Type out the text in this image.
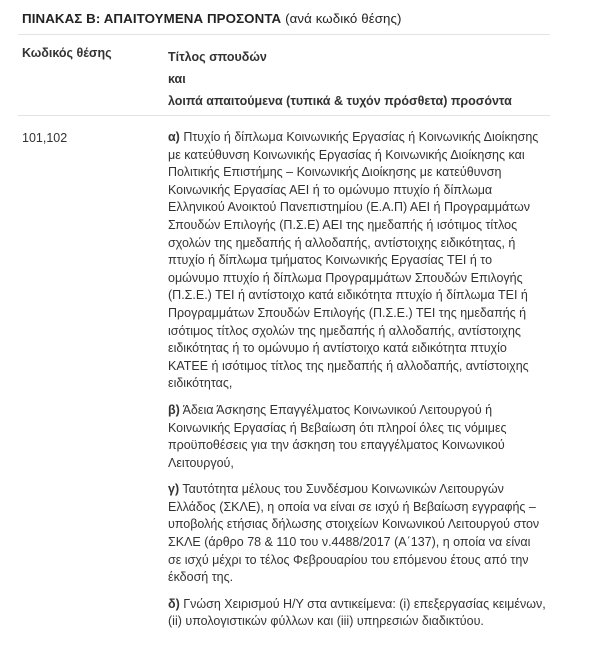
ΠΙΝΑΚΑΣ Β: ΑΠΑΙΤΟΥΜΕΝΑ ΠΡΟΣΟΝΤΑ (ανά κωδικό θέσης)
Κωδικός θέσης	Τίτλος σπουδών
και
λοιπά απαιτούμενα (τυπικά & τυχόν πρόσθετα) προσόντα
101,102	α) Πτυχίο ή δίπλωμα Κοινωνικής Εργασίας ή Κοινωνικής Διοίκησης με κατεύθυνση Κοινωνικής Εργασίας ή Κοινωνικής Διοίκησης και Πολιτικής Επιστήμης – Κοινωνικής Διοίκησης με κατεύθυνση Κοινωνικής Εργασίας ΑΕΙ ή το ομώνυμο πτυχίο ή δίπλωμα Ελληνικού Ανοικτού Πανεπιστημίου (Ε.Α.Π) ΑΕΙ ή Προγραμμάτων Σπουδών Επιλογής (Π.Σ.Ε) ΑΕΙ της ημεδαπής ή ισότιμος τίτλος σχολών της ημεδαπής ή αλλοδαπής, αντίστοιχης ειδικότητας, ή πτυχίο ή δίπλωμα τμήματος Κοινωνικής Εργασίας ΤΕΙ ή το ομώνυμο πτυχίο ή δίπλωμα Προγραμμάτων Σπουδών Επιλογής (Π.Σ.Ε.) ΤΕΙ ή αντίστοιχο κατά ειδικότητα πτυχίο ή δίπλωμα ΤΕΙ ή Προγραμμάτων Σπουδών Επιλογής (Π.Σ.Ε.) ΤΕΙ της ημεδαπής ή ισότιμος τίτλος σχολών της ημεδαπής ή αλλοδαπής, αντίστοιχης ειδικότητας ή το ομώνυμο ή αντίστοιχο κατά ειδικότητα πτυχίο ΚΑΤΕΕ ή ισότιμος τίτλος της ημεδαπής ή αλλοδαπής, αντίστοιχης ειδικότητας,

β) Άδεια Άσκησης Επαγγέλματος Κοινωνικού Λειτουργού ή Κοινωνικής Εργασίας ή Βεβαίωση ότι πληροί όλες τις νόμιμες προϋποθέσεις για την άσκηση του επαγγέλματος Κοινωνικού Λειτουργού,

γ) Ταυτότητα μέλους του Συνδέσμου Κοινωνικών Λειτουργών Ελλάδος (ΣΚΛΕ), η οποία να είναι σε ισχύ ή Βεβαίωση εγγραφής – υποβολής ετήσιας δήλωσης στοιχείων Κοινωνικού Λειτουργού στον ΣΚΛΕ (άρθρο 78 & 110 του ν.4488/2017 (Α΄137), η οποία να είναι σε ισχύ μέχρι το τέλος Φεβρουαρίου του επόμενου έτους από την έκδοσή της.

δ) Γνώση Χειρισμού Η/Υ στα αντικείμενα: (i) επεξεργασίας κειμένων, (ii) υπολογιστικών φύλλων και (iii) υπηρεσιών διαδικτύου.
